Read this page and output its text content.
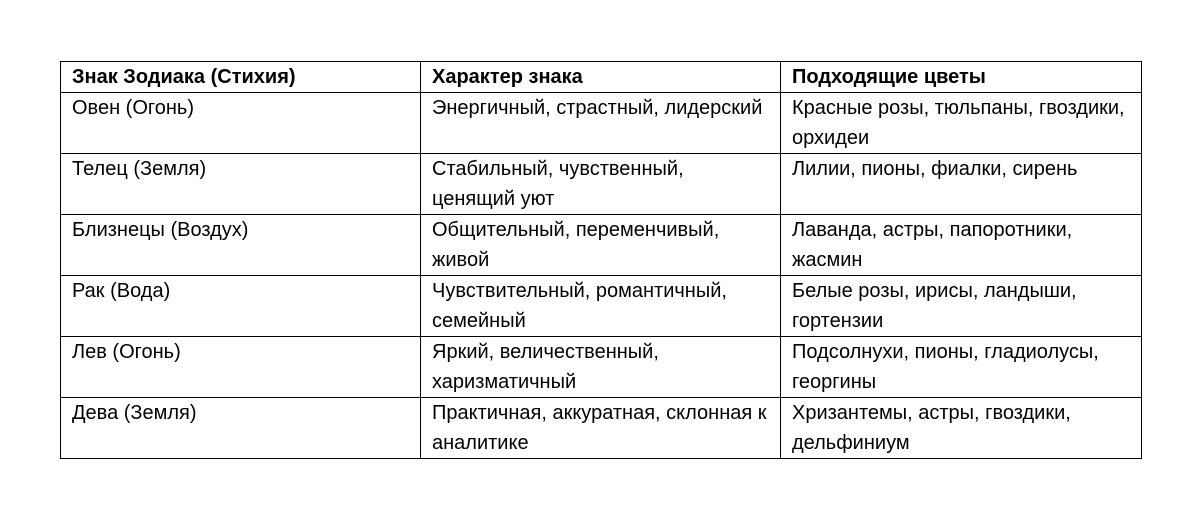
Знак Зодиака (Стихия)	Характер знака	Подходящие цветы
Овен (Огонь)	Энергичный, страстный, лидерский	Красные розы, тюльпаны, гвоздики, орхидеи
Телец (Земля)	Стабильный, чувственный, ценящий уют	Лилии, пионы, фиалки, сирень
Близнецы (Воздух)	Общительный, переменчивый, живой	Лаванда, астры, папоротники, жасмин
Рак (Вода)	Чувствительный, романтичный, семейный	Белые розы, ирисы, ландыши, гортензии
Лев (Огонь)	Яркий, величественный, харизматичный	Подсолнухи, пионы, гладиолусы, георгины
Дева (Земля)	Практичная, аккуратная, склонная к аналитике	Хризантемы, астры, гвоздики, дельфиниум
